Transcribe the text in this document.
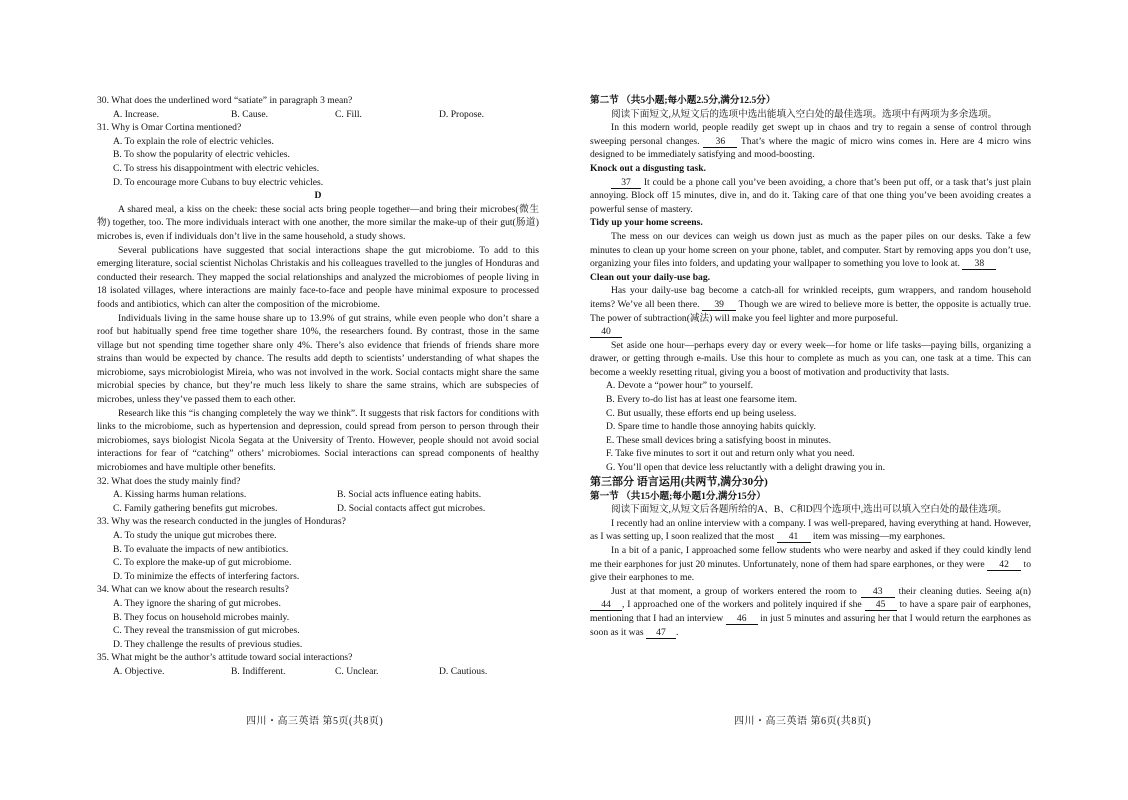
30. What does the underlined word “satiate” in paragraph 3 mean?

A. Increase.	B. Cause.	C. Fill.	D. Propose.

31. Why is Omar Cortina mentioned?

A. To explain the role of electric vehicles.

B. To show the popularity of electric vehicles.

C. To stress his disappointment with electric vehicles.

D. To encourage more Cubans to buy electric vehicles.

D

A shared meal, a kiss on the cheek: these social acts bring people together—and bring their microbes(微生物) together, too. The more individuals interact with one another, the more similar the make-up of their gut(肠道) microbes is, even if individuals don’t live in the same household, a study shows.

Several publications have suggested that social interactions shape the gut microbiome. To add to this emerging literature, social scientist Nicholas Christakis and his colleagues travelled to the jungles of Honduras and conducted their research. They mapped the social relationships and analyzed the microbiomes of people living in 18 isolated villages, where interactions are mainly face-to-face and people have minimal exposure to processed foods and antibiotics, which can alter the composition of the microbiome.

Individuals living in the same house share up to 13.9% of gut strains, while even people who don’t share a roof but habitually spend free time together share 10%, the researchers found. By contrast, those in the same village but not spending time together share only 4%. There’s also evidence that friends of friends share more strains than would be expected by chance. The results add depth to scientists’ understanding of what shapes the microbiome, says microbiologist Mireia, who was not involved in the work. Social contacts might share the same microbial species by chance, but they’re much less likely to share the same strains, which are subspecies of microbes, unless they’ve passed them to each other.

Research like this “is changing completely the way we think”. It suggests that risk factors for conditions with links to the microbiome, such as hypertension and depression, could spread from person to person through their microbiomes, says biologist Nicola Segata at the University of Trento. However, people should not avoid social interactions for fear of “catching” others’ microbiomes. Social interactions can spread components of healthy microbiomes and have multiple other benefits.

32. What does the study mainly find?

A. Kissing harms human relations.	B. Social acts influence eating habits.
C. Family gathering benefits gut microbes.	D. Social contacts affect gut microbes.

33. Why was the research conducted in the jungles of Honduras?

A. To study the unique gut microbes there.

B. To evaluate the impacts of new antibiotics.

C. To explore the make-up of gut microbiome.

D. To minimize the effects of interfering factors.

34. What can we know about the research results?

A. They ignore the sharing of gut microbes.

B. They focus on household microbes mainly.

C. They reveal the transmission of gut microbes.

D. They challenge the results of previous studies.

35. What might be the author’s attitude toward social interactions?

A. Objective.	B. Indifferent.	C. Unclear.	D. Cautious.

第二节 （共5小题;每小题2.5分,满分12.5分）

阅读下面短文,从短文后的选项中选出能填入空白处的最佳选项。选项中有两项为多余选项。

In this modern world, people readily get swept up in chaos and try to regain a sense of control through sweeping personal changes. 36 That’s where the magic of micro wins comes in. Here are 4 micro wins designed to be immediately satisfying and mood-boosting.

Knock out a disgusting task.

37 It could be a phone call you’ve been avoiding, a chore that’s been put off, or a task that’s just plain annoying. Block off 15 minutes, dive in, and do it. Taking care of that one thing you’ve been avoiding creates a powerful sense of mastery.

Tidy up your home screens.

The mess on our devices can weigh us down just as much as the paper piles on our desks. Take a few minutes to clean up your home screen on your phone, tablet, and computer. Start by removing apps you don’t use, organizing your files into folders, and updating your wallpaper to something you love to look at. 38

Clean out your daily-use bag.

Has your daily-use bag become a catch-all for wrinkled receipts, gum wrappers, and random household items? We’ve all been there. 39 Though we are wired to believe more is better, the opposite is actually true. The power of subtraction(减法) will make you feel lighter and more purposeful.

40

Set aside one hour—perhaps every day or every week—for home or life tasks—paying bills, organizing a drawer, or getting through e-mails. Use this hour to complete as much as you can, one task at a time. This can become a weekly resetting ritual, giving you a boost of motivation and productivity that lasts.

A. Devote a “power hour” to yourself.

B. Every to-do list has at least one fearsome item.

C. But usually, these efforts end up being useless.

D. Spare time to handle those annoying habits quickly.

E. These small devices bring a satisfying boost in minutes.

F. Take five minutes to sort it out and return only what you need.

G. You’ll open that device less reluctantly with a delight drawing you in.

第三部分 语言运用(共两节,满分30分)

第一节 （共15小题;每小题1分,满分15分）

阅读下面短文,从短文后各题所给的A、B、C和D四个选项中,选出可以填入空白处的最佳选项。

I recently had an online interview with a company. I was well-prepared, having everything at hand. However, as I was setting up, I soon realized that the most 41 item was missing—my earphones.

In a bit of a panic, I approached some fellow students who were nearby and asked if they could kindly lend me their earphones for just 20 minutes. Unfortunately, none of them had spare earphones, or they were 42 to give their earphones to me.

Just at that moment, a group of workers entered the room to 43 their cleaning duties. Seeing a(n) 44 , I approached one of the workers and politely inquired if she 45 to have a spare pair of earphones, mentioning that I had an interview 46 in just 5 minutes and assuring her that I would return the earphones as soon as it was 47 .

四川・高三英语 第5页(共8页)	四川・高三英语 第6页(共8页)
